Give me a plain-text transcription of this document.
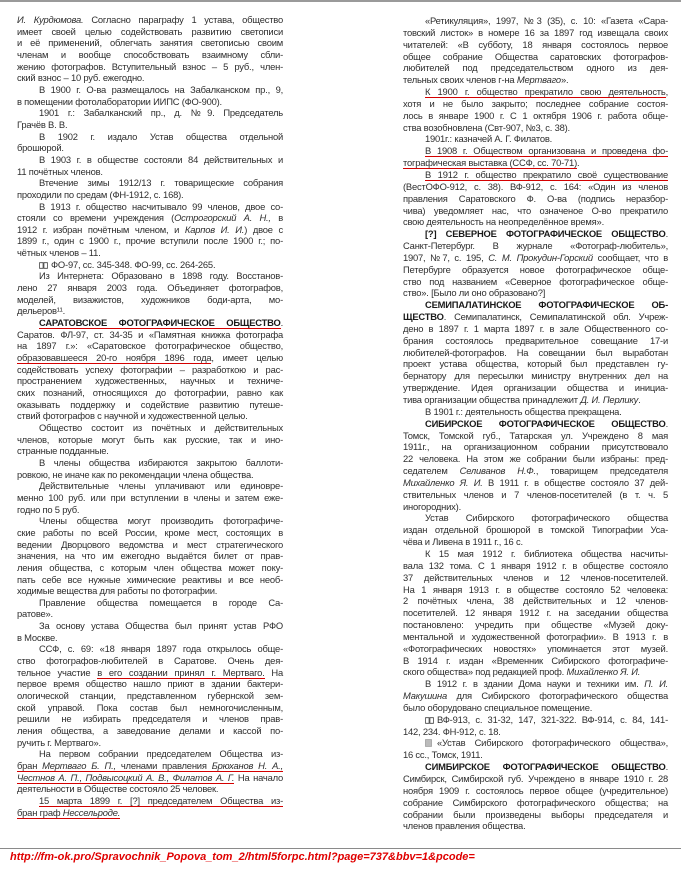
И. Курдюмова. Согласно параграфу 1 устава, общество
имеет своей целью содействовать развитию светописи
и её применений, облегчать занятия светописью своим
членам и вообще способствовать взаимному сбли-
жению фотографов. Вступительный взнос – 5 руб., член-
ский взнос – 10 руб. ежегодно.
В 1900 г. О-ва размещалось на Забалканском пр., 9,
в помещении фотолаборатории ИИПС (ФО-900).
1901 г.: Забалканский пр., д. №9. Председатель
Грачёв В. В.
В 1902 г. издало Устав общества отдельной
брошюрой.
В 1903 г. в обществе состояли 84 действительных и
11 почётных членов.
Втечение зимы 1912/13 г. товарищеские собрания
проходили по средам (ФН-1912, с. 168).
В 1913 г. общество насчитывало 99 членов, двое со-
стояли со времени учреждения (Острогорский А. Н., в
1912 г. избран почётным членом, и Карпов И. И.) двое с
1899 г., один с 1900 г., прочие вступили после 1900 г.; по-
чётных членов – 11.
ФО-97, сс. 345-348. ФО-99, сс. 264-265.
Из Интернета: Образовано в 1898 году. Восстанов-
лено 27 января 2003 года. Объединяет фотографов,
моделей, визажистов, художников боди-арта, мо-
дельеров¹¹.
САРАТОВСКОЕ ФОТОГРАФИЧЕСКОЕ ОБЩЕСТВО.
Саратов. ФЛ-97, ст. 34-35 и «Памятная книжка фотографа
на 1897 г.»: «Саратовское фотографическое общество,
образовавшееся 20-го ноября 1896 года, имеет целью
содействовать успеху фотографии – разработкою и рас-
пространением художественных, научных и техниче-
ских познаний, относящихся до фотографии, равно как
оказывать поддержку и содействие развитию путеше-
ствий фотографов с научной и художественной целью.
Общество состоит из почётных и действительных
членов, которые могут быть как русские, так и ино-
странные подданные.
В члены общества избираются закрытою баллоти-
ровкою, не иначе как по рекомендации члена общества.
Действительные члены уплачивают или единовре-
менно 100 руб. или при вступлении в члены и затем еже-
годно по 5 руб.
Члены общества могут производить фотографиче-
ские работы по всей России, кроме мест, состоящих в
ведении Дворцового ведомства и мест стратегического
значения, на что им ежегодно выдаётся билет от прав-
ления общества, с которым член общества может поку-
пать себе все нужные химические реактивы и все необ-
ходимые вещества для работы по фотографии.
Правление общества помещается в городе Са-
ратове».
За основу устава Общества был принят устав РФО
в Москве.
ССФ, с. 69: «18 января 1897 года открылось обще-
ство фотографов-любителей в Саратове. Очень дея-
тельное участие в его создании принял г. Мертваго. На
первое время общество нашло приют в здании бактери-
ологической станции, представленном губернской зем-
ской управой. Пока состав был немногочисленным,
решили не избирать председателя и членов прав-
ления общества, а заведование делами и кассой по-
ручить г. Мертваго».
На первом собрании председателем Общества из-
бран Мертваго Б. П., членами правления Брюханов Н. А.,
Честнов А. П., Подвысоцкий А. В., Филатов А. Г. На начало
деятельности в Обществе состояло 25 человек.
15 марта 1899 г. [?] председателем Общества из-
бран граф Нессельроде.
«Ретикуляция», 1997, №3 (35), с. 10: «Газета «Сара-
товский листок» в номере 16 за 1897 год извещала своих
читателей: «В субботу, 18 января состоялось первое
общее собрание Общества саратовских фотографов-
любителей под председательством одного из дея-
тельных своих членов г-на Мертваго».
К 1900 г. общество прекратило свою деятельность,
хотя и не было закрыто; последнее собрание состоя-
лось в январе 1900 г. С 1 октября 1906 г. работа обще-
ства возобновлена (Свт-907, №3, с. 38).
1901г.: казначей А. Г. Филатов.
В 1908 г. Обществом организована и проведена фо-
тографическая выставка (ССФ, сс. 70-71).
В 1912 г. общество прекратило своё существование
(ВестОФО-912, с. 38). ВФ-912, с. 164: «Один из членов
правления Саратовского Ф. О-ва (подпись неразбор-
чива) уведомляет нас, что означеное О-во прекратило
свою деятельность на неопределённое время».
[?] СЕВЕРНОЕ ФОТОГРАФИЧЕСКОЕ ОБЩЕСТВО.
Санкт-Петербург. В журнале «Фотограф-любитель»,
1907, №7, с. 195, С. М. Прокудин-Горский сообщает, что в
Петербурге образуется новое фотографическое обще-
ство под названием «Северное фотографическое обще-
ство». [Было ли оно образовано?]
СЕМИПАЛАТИНСКОЕ ФОТОГРАФИЧЕСКОЕ ОБ-
ЩЕСТВО. Семипалатинск, Семипалатинской обл. Учреж-
дено в 1897 г. 1 марта 1897 г. в зале Общественного со-
брания состоялось предварительное совещание 17-и
любителей-фотографов. На совещании был выработан
проект устава общества, который был представлен гу-
бернатору для пересылки министру внутренних дел на
утверждение. Идея организации общества и инициа-
тива организации общества принадлежит Д. И. Перлику.
В 1901 г.: деятельность общества прекращена.
СИБИРСКОЕ ФОТОГРАФИЧЕСКОЕ ОБЩЕСТВО.
Томск, Томской губ., Татарская ул. Учреждено 8 мая
1911г., на организационном собрании присутствовало
22 человека. На этом же собрании были избраны: пред-
седателем Селиванов Н.Ф., товарищем председателя
Михайленко Я. И. В 1911 г. в обществе состояло 37 дей-
ствительных членов и 7 членов-посетителей (в т. ч. 5
иногородних).
Устав Сибирского фотографического общества
издан отдельной брошюрой в томской Типографии Уса-
чёва и Ливена в 1911 г., 16 с.
К 15 мая 1912 г. библиотека общества насчиты-
вала 132 тома. С 1 января 1912 г. в обществе состояло
37 действительных членов и 12 членов-посетителей.
На 1 января 1913 г. в обществе состояло 52 человека:
2 почётных члена, 38 действительных и 12 членов-
посетителей. 12 января 1912 г. на заседании общества
постановлено: учредить при обществе «Музей доку-
ментальной и художественной фотографии». В 1913 г. в
«Фотографических новостях» упоминается этот музей.
В 1914 г. издан «Временник Сибирского фотографиче-
ского общества» под редакцией проф. Михайленко Я. И.
В 1912 г. в здании Дома науки и техники им. П. И.
Макушина для Сибирского фотографического общества
было оборудовано специальное помещение.
ВФ-913, с. 31-32, 147, 321-322. ВФ-914, с. 84, 141-
142, 234. ФН-912, с. 18.
«Устав Сибирского фотографического общества»,
16 сс., Томск, 1911.
СИМБИРСКОЕ ФОТОГРАФИЧЕСКОЕ ОБЩЕСТВО.
Симбирск, Симбирской губ. Учреждено в январе 1910 г. 28
ноября 1909 г. состоялось первое общее (учредительное)
собрание Симбирского фотографического общества; на
собрании были произведены выборы председателя и
членов правления общества.
http://fm-ok.pro/Spravochnik_Popova_tom_2/html5forpc.html?page=737&bbv=1&pcode=
